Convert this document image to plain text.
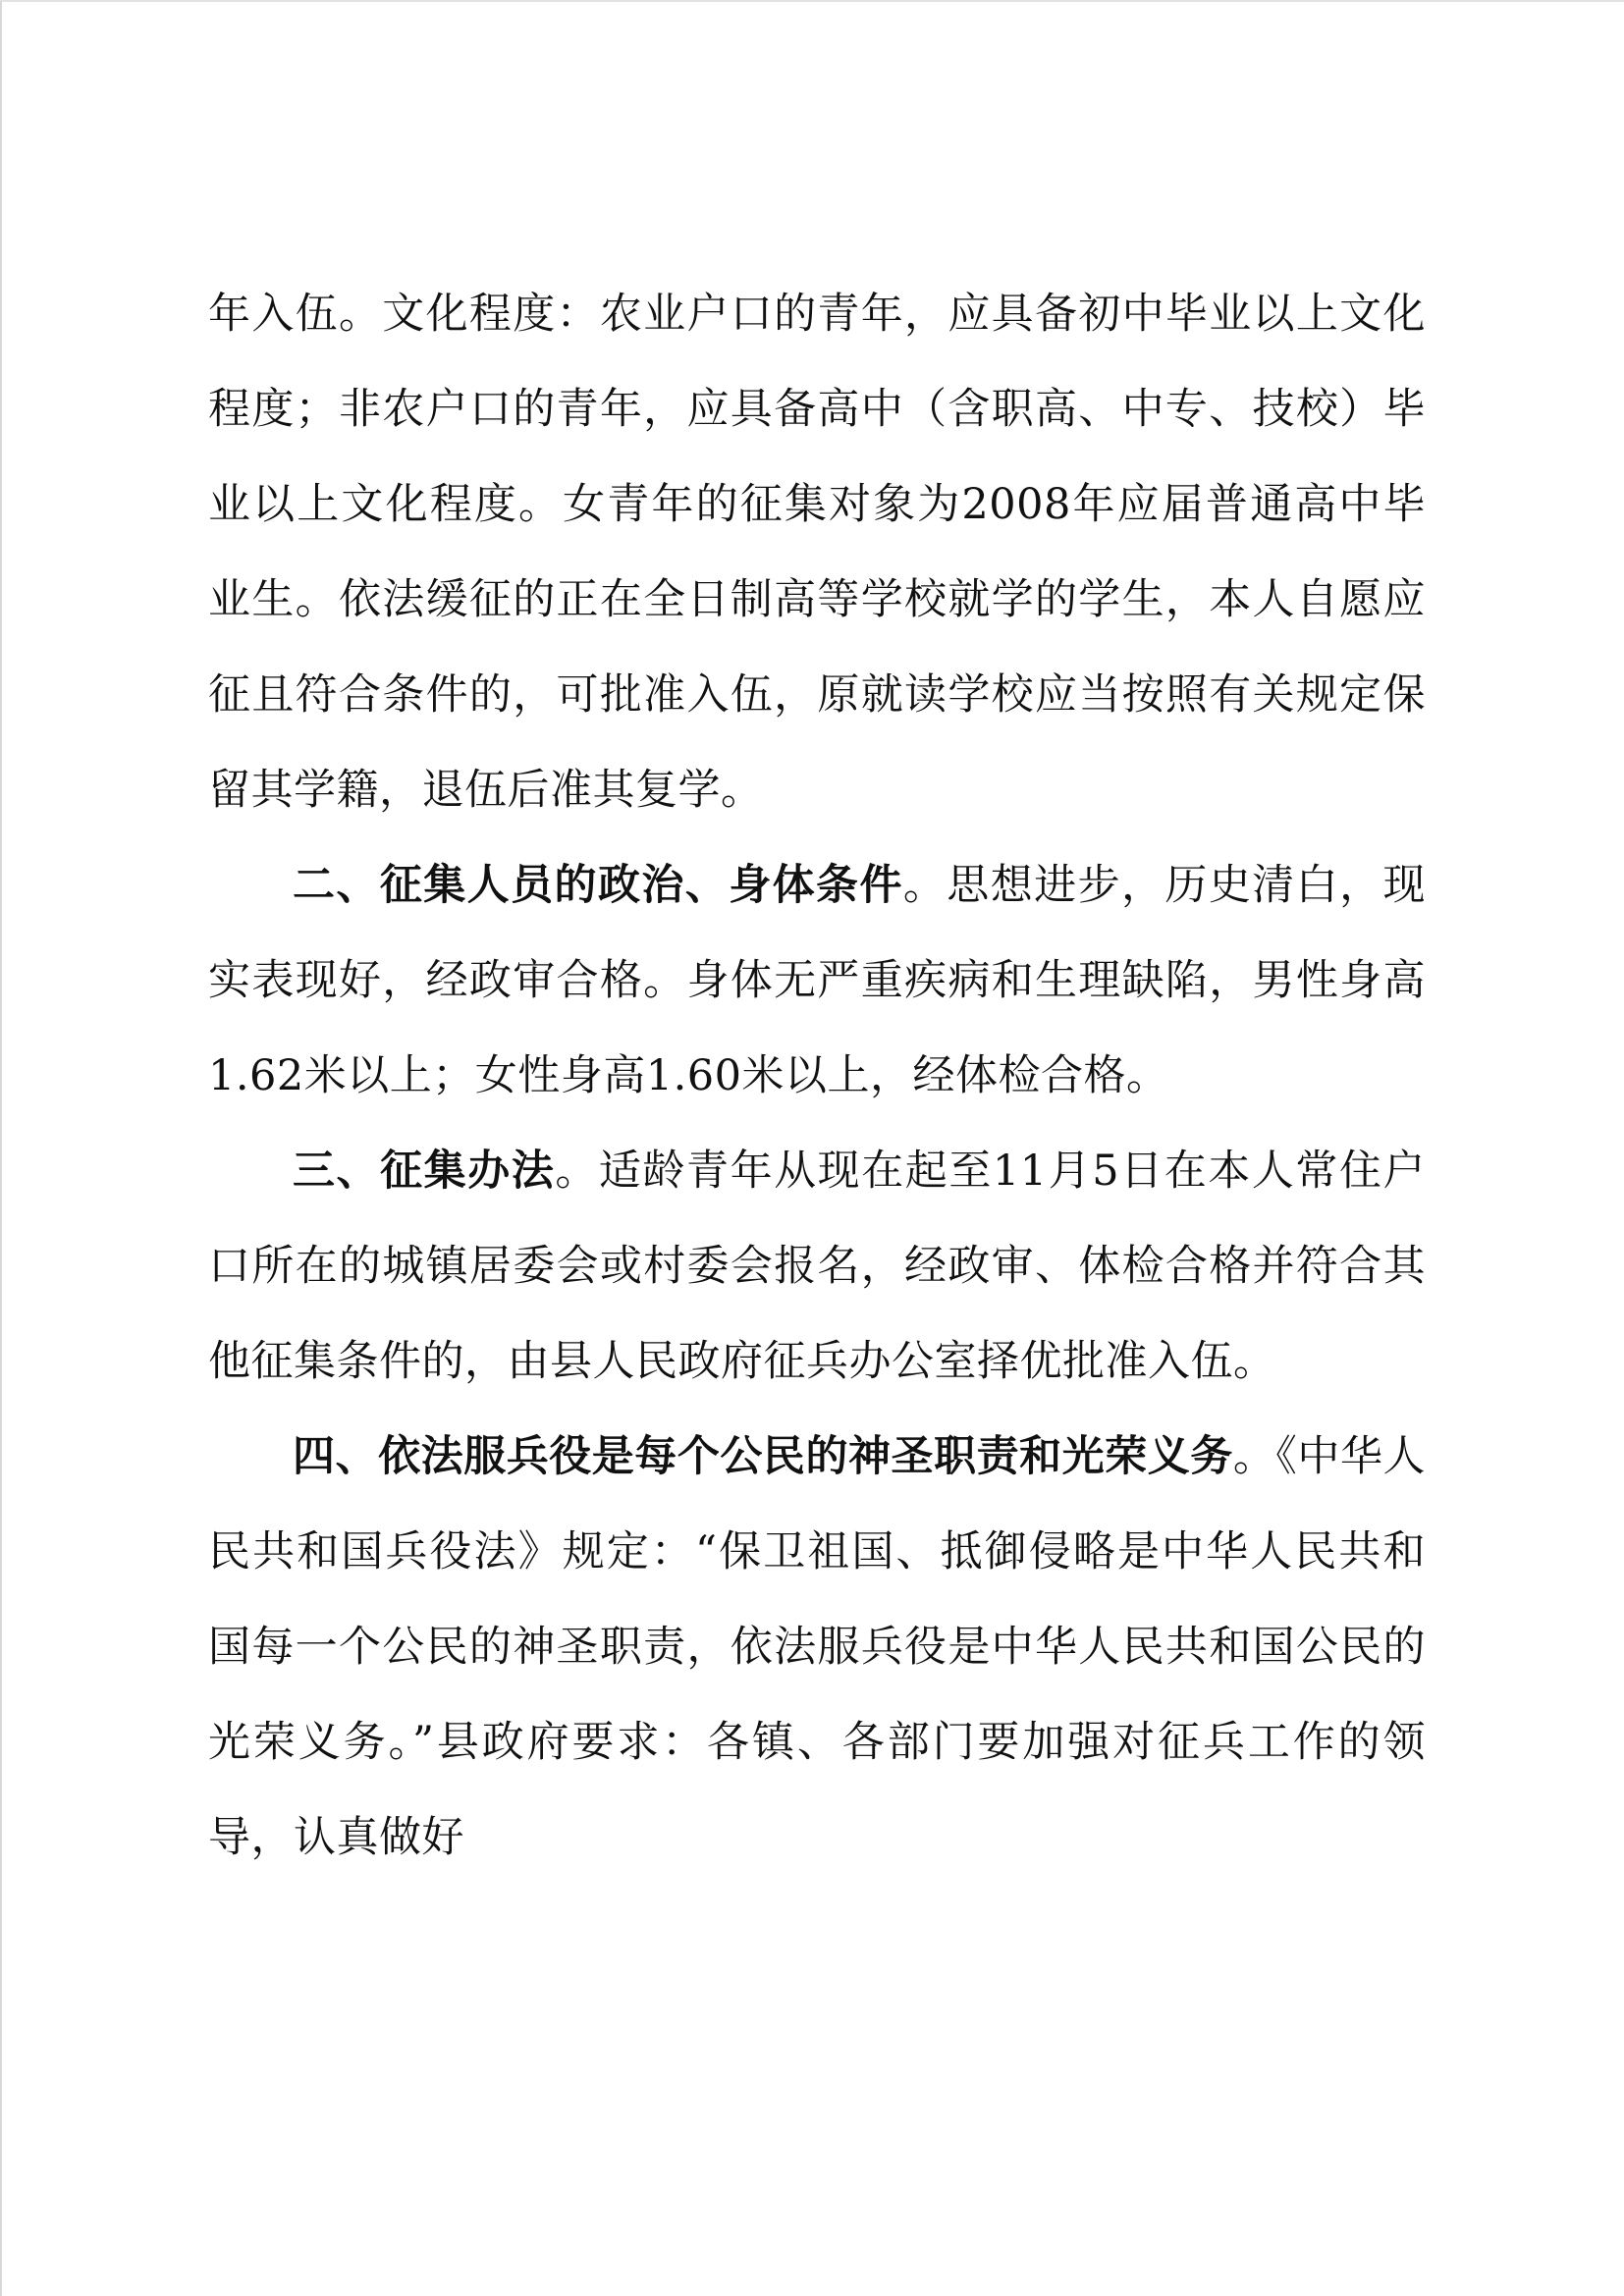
年入伍。文化程度：农业户口的青年，应具备初中毕业以上文化程度；非农户口的青年，应具备高中（含职高、中专、技校）毕业以上文化程度。女青年的征集对象为2008年应届普通高中毕业生。依法缓征的正在全日制高等学校就学的学生，本人自愿应征且符合条件的，可批准入伍，原就读学校应当按照有关规定保留其学籍，退伍后准其复学。

二、征集人员的政治、身体条件。思想进步，历史清白，现实表现好，经政审合格。身体无严重疾病和生理缺陷，男性身高1.62米以上；女性身高1.60米以上，经体检合格。

三、征集办法。适龄青年从现在起至11月5日在本人常住户口所在的城镇居委会或村委会报名，经政审、体检合格并符合其他征集条件的，由县人民政府征兵办公室择优批准入伍。

四、依法服兵役是每个公民的神圣职责和光荣义务。《中华人民共和国兵役法》规定：“保卫祖国、抵御侵略是中华人民共和国每一个公民的神圣职责，依法服兵役是中华人民共和国公民的光荣义务。”县政府要求：各镇、各部门要加强对征兵工作的领导，认真做好
